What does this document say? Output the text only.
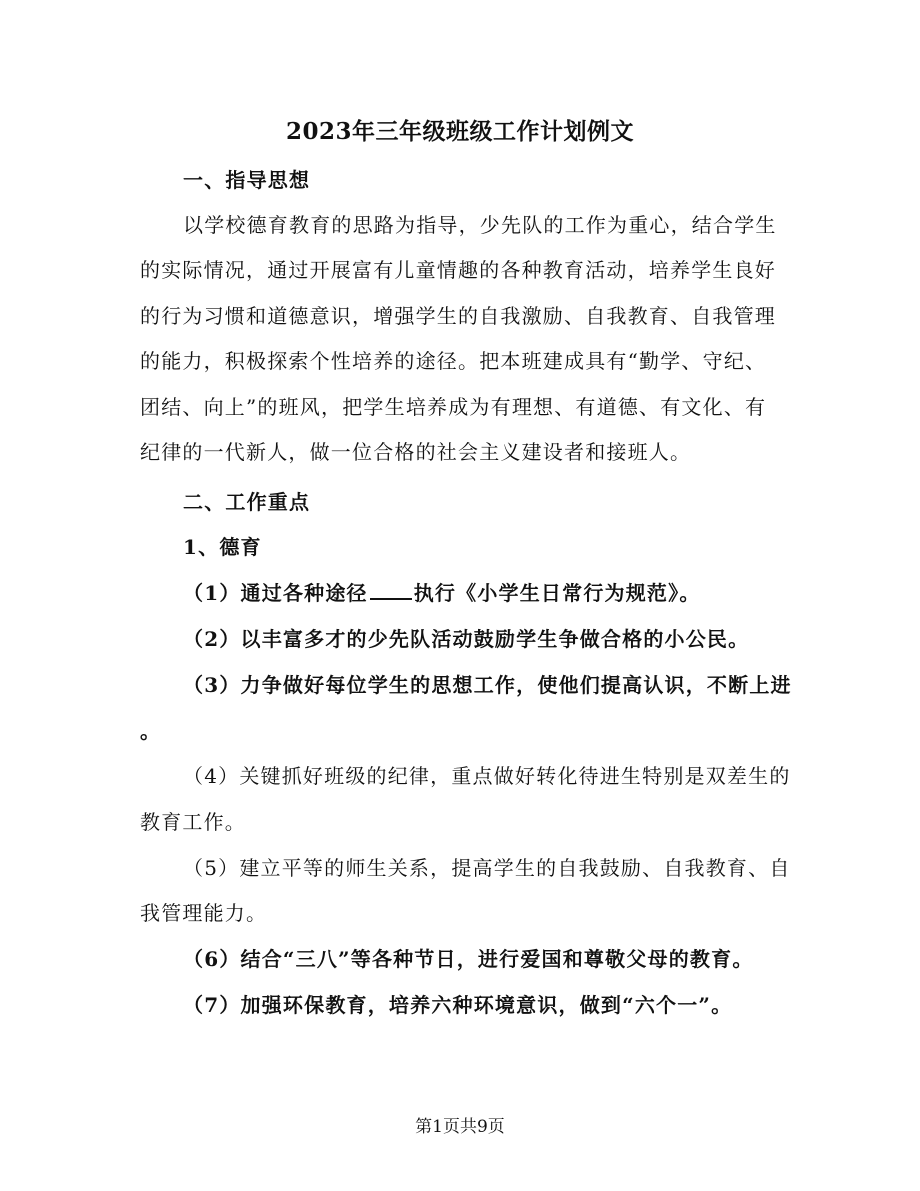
2023年三年级班级工作计划例文
一、指导思想
以学校德育教育的思路为指导，少先队的工作为重心，结合学生
的实际情况，通过开展富有儿童情趣的各种教育活动，培养学生良好
的行为习惯和道德意识，增强学生的自我激励、自我教育、自我管理
的能力，积极探索个性培养的途径。把本班建成具有“勤学、守纪、
团结、向上”的班风，把学生培养成为有理想、有道德、有文化、有
纪律的一代新人，做一位合格的社会主义建设者和接班人。
二、工作重点
1、德育
（1）通过各种途径 执行《小学生日常行为规范》。
（2）以丰富多才的少先队活动鼓励学生争做合格的小公民。
（3）力争做好每位学生的思想工作，使他们提高认识，不断上进
。
（4）关键抓好班级的纪律，重点做好转化待进生特别是双差生的
教育工作。
（5）建立平等的师生关系，提高学生的自我鼓励、自我教育、自
我管理能力。
（6）结合“三八”等各种节日，进行爱国和尊敬父母的教育。
（7）加强环保教育，培养六种环境意识，做到“六个一”。
第1页共9页
